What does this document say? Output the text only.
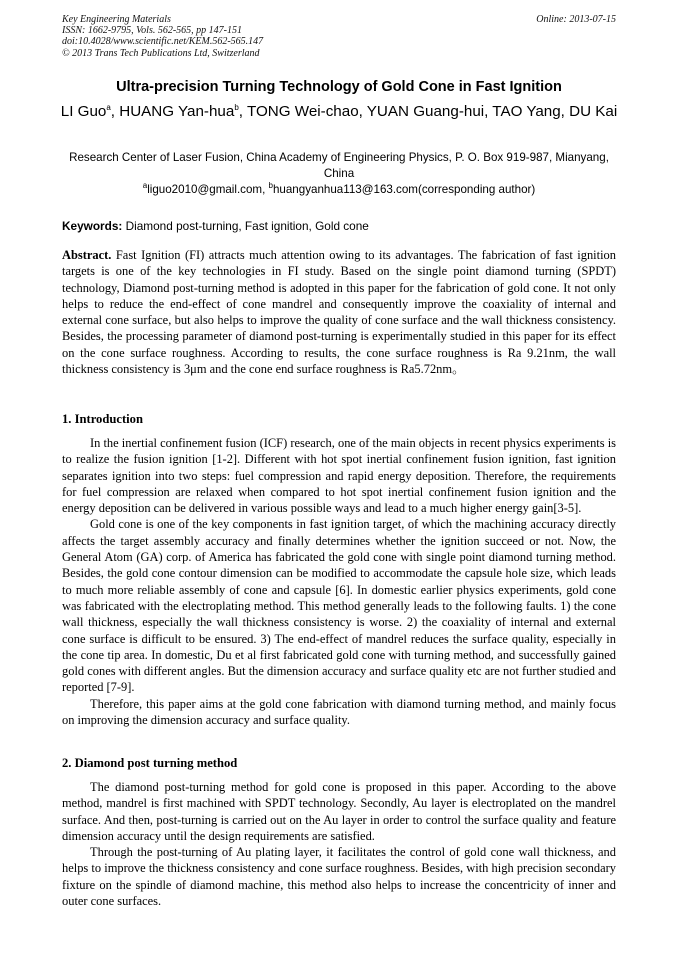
Key Engineering Materials
ISSN: 1662-9795, Vols. 562-565, pp 147-151
doi:10.4028/www.scientific.net/KEM.562-565.147
© 2013 Trans Tech Publications Ltd, Switzerland
Online: 2013-07-15
Ultra-precision Turning Technology of Gold Cone in Fast Ignition
LI Guo$^a$, HUANG Yan-hua$^b$, TONG Wei-chao, YUAN Guang-hui, TAO Yang, DU Kai
Research Center of Laser Fusion, China Academy of Engineering Physics, P. O. Box 919-987, Mianyang, China
$^a$liguo2010@gmail.com, $^b$huangyanhua113@163.com(corresponding author)
Keywords: Diamond post-turning, Fast ignition, Gold cone

Abstract. Fast Ignition (FI) attracts much attention owing to its advantages. The fabrication of fast ignition targets is one of the key technologies in FI study. Based on the single point diamond turning (SPDT) technology, Diamond post-turning method is adopted in this paper for the fabrication of gold cone. It not only helps to reduce the end-effect of cone mandrel and consequently improve the coaxiality of internal and external cone surface, but also helps to improve the quality of cone surface and the wall thickness consistency. Besides, the processing parameter of diamond post-turning is experimentally studied in this paper for its effect on the cone surface roughness. According to results, the cone surface roughness is Ra 9.21nm, the wall thickness consistency is 3μm and the cone end surface roughness is Ra5.72nm。

1. Introduction

In the inertial confinement fusion (ICF) research, one of the main objects in recent physics experiments is to realize the fusion ignition [1-2]. Different with hot spot inertial confinement fusion ignition, fast ignition separates ignition into two steps: fuel compression and rapid energy deposition. Therefore, the requirements for fuel compression are relaxed when compared to hot spot inertial confinement fusion ignition and the energy deposition can be delivered in various possible ways and lead to a much higher energy gain[3-5].

Gold cone is one of the key components in fast ignition target, of which the machining accuracy directly affects the target assembly accuracy and finally determines whether the ignition succeed or not. Now, the General Atom (GA) corp. of America has fabricated the gold cone with single point diamond turning method. Besides, the gold cone contour dimension can be modified to accommodate the capsule hole size, which leads to much more reliable assembly of cone and capsule [6]. In domestic earlier physics experiments, gold cone was fabricated with the electroplating method. This method generally leads to the following faults. 1) the cone wall thickness, especially the wall thickness consistency is worse. 2) the coaxiality of internal and external cone surface is difficult to be ensured. 3) The end-effect of mandrel reduces the surface quality, especially in the cone tip area. In domestic, Du et al first fabricated gold cone with turning method, and successfully gained gold cones with different angles. But the dimension accuracy and surface quality etc are not further studied and reported [7-9].

Therefore, this paper aims at the gold cone fabrication with diamond turning method, and mainly focus on improving the dimension accuracy and surface quality.

2. Diamond post turning method

The diamond post-turning method for gold cone is proposed in this paper. According to the above method, mandrel is first machined with SPDT technology. Secondly, Au layer is electroplated on the mandrel surface. And then, post-turning is carried out on the Au layer in order to control the surface quality and feature dimension accuracy until the design requirements are satisfied.

Through the post-turning of Au plating layer, it facilitates the control of gold cone wall thickness, and helps to improve the thickness consistency and cone surface roughness. Besides, with high precision secondary fixture on the spindle of diamond machine, this method also helps to increase the concentricity of inner and outer cone surfaces.
